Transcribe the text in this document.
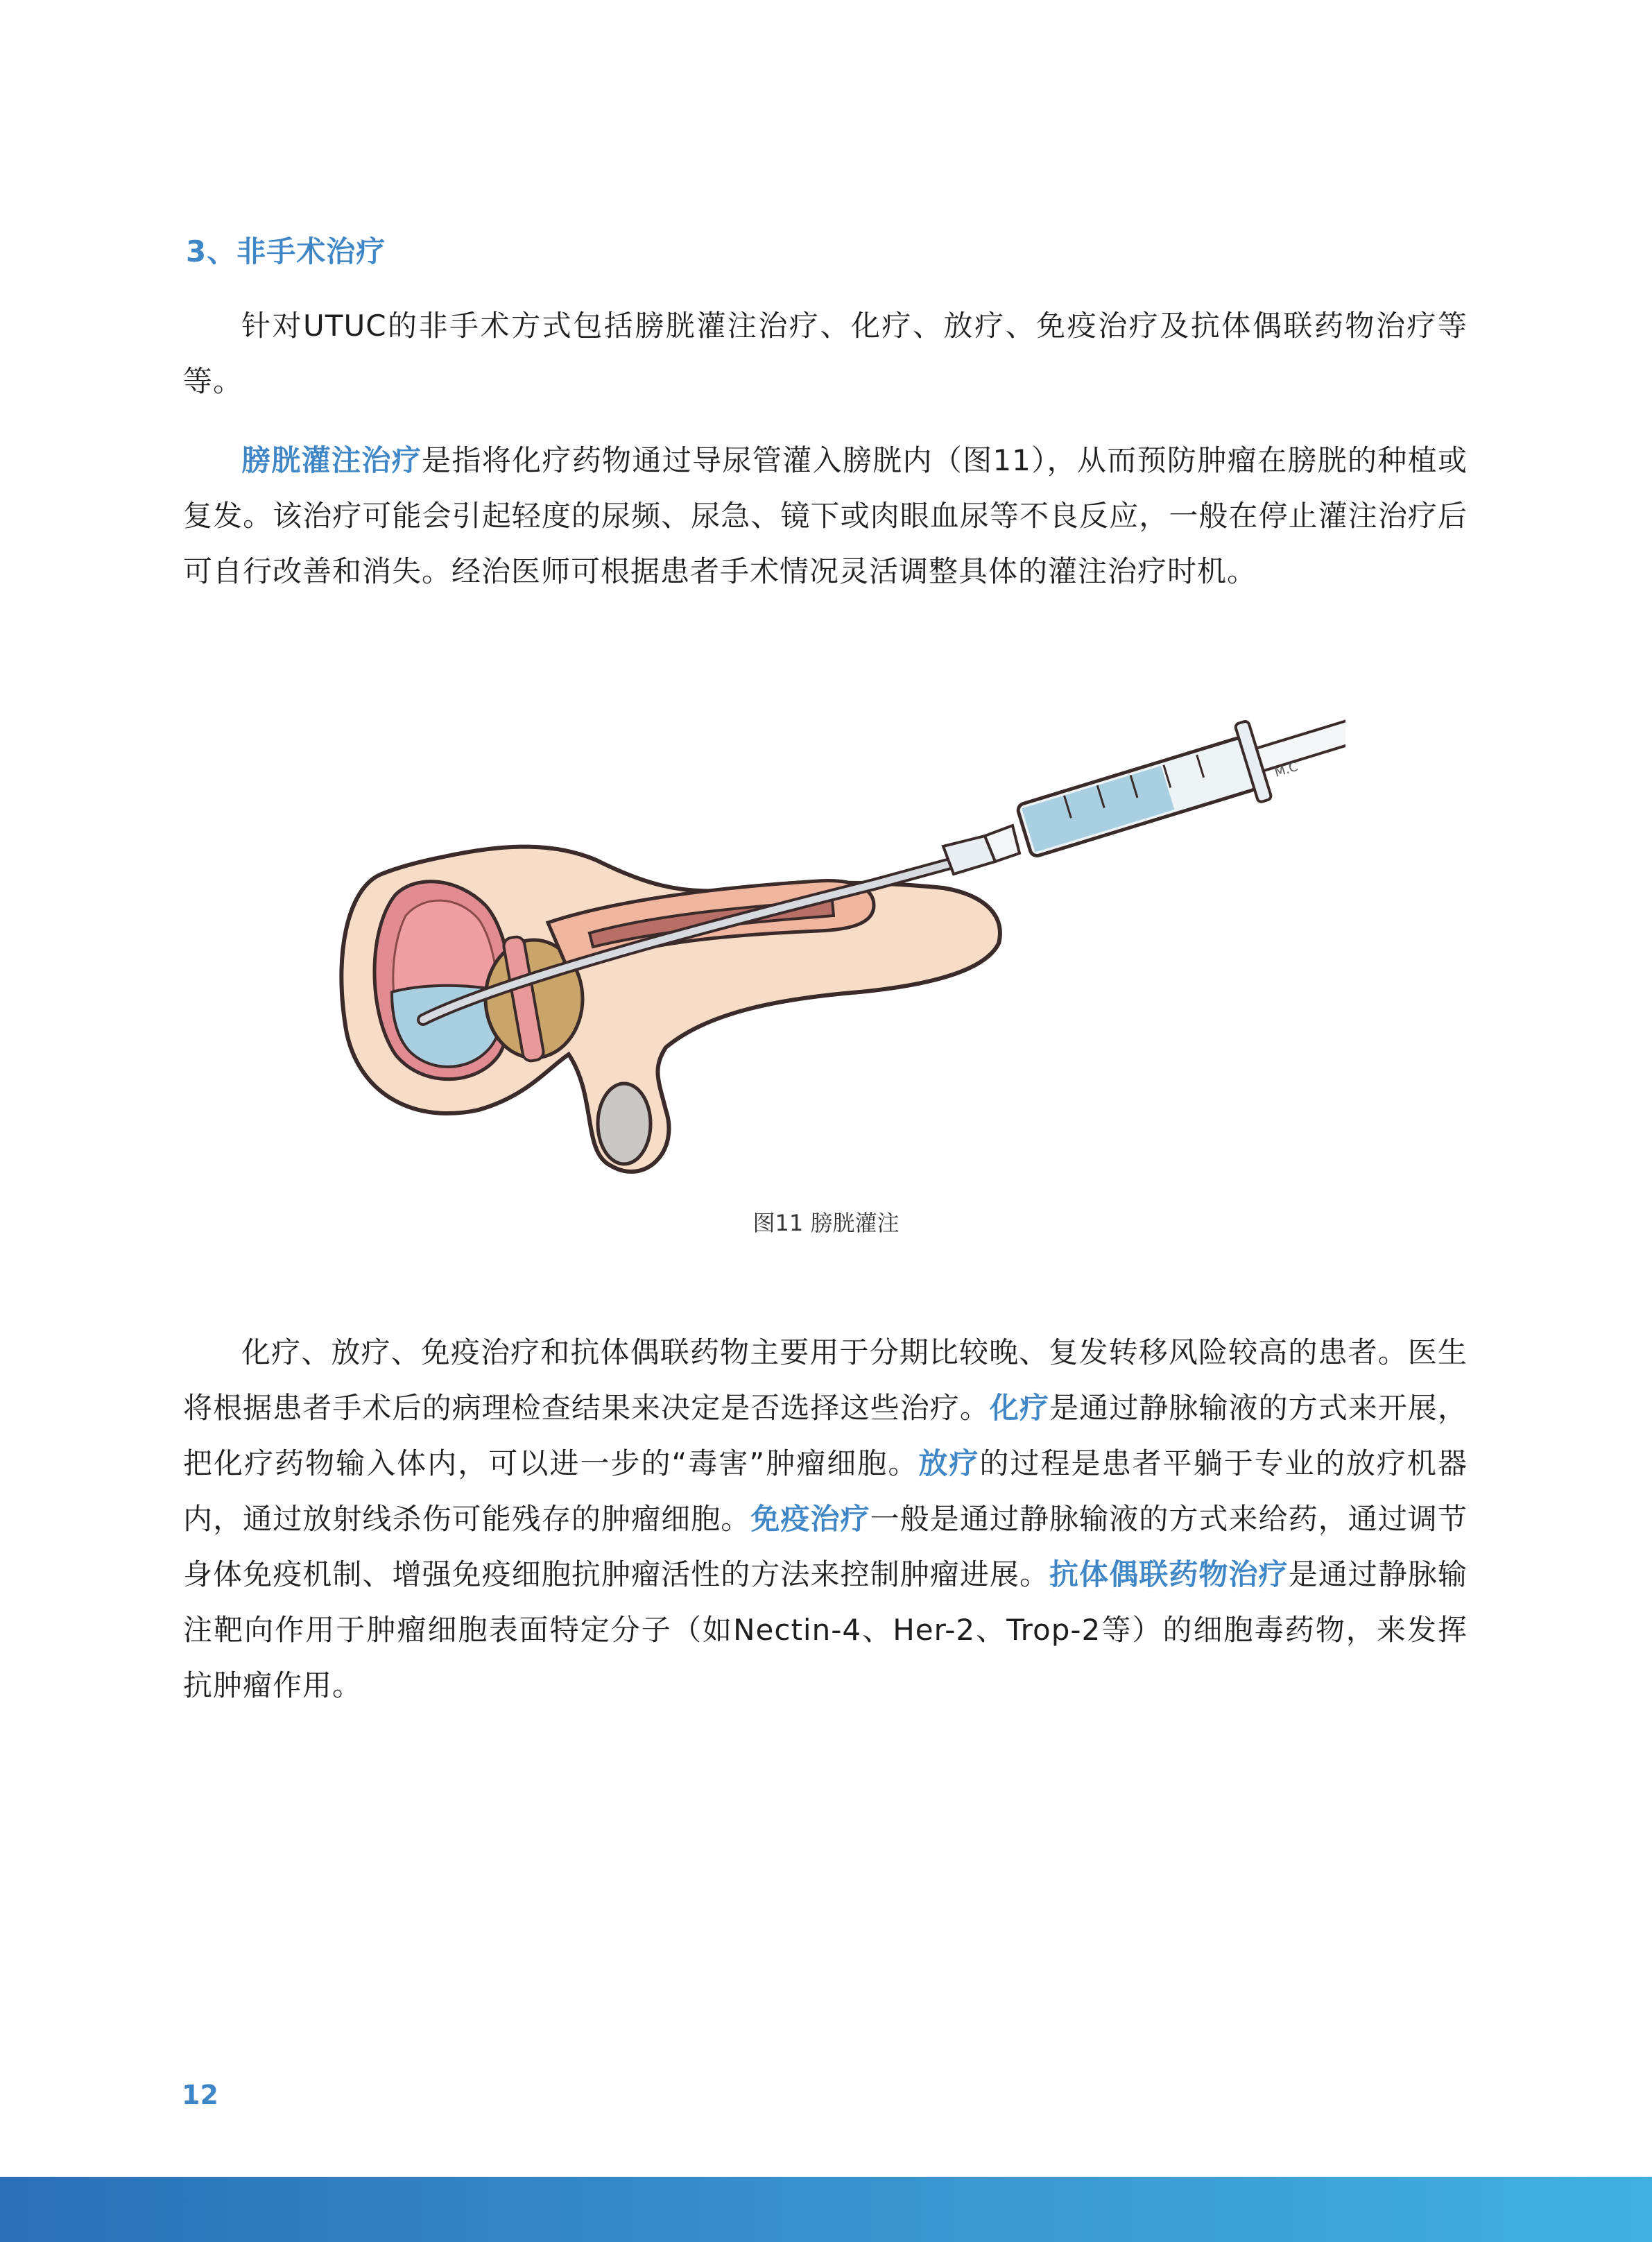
3、非手术治疗

针对UTUC的非手术方式包括膀胱灌注治疗、化疗、放疗、免疫治疗及抗体偶联药物治疗等等。

膀胱灌注治疗是指将化疗药物通过导尿管灌入膀胱内（图11），从而预防肿瘤在膀胱的种植或复发。该治疗可能会引起轻度的尿频、尿急、镜下或肉眼血尿等不良反应，一般在停止灌注治疗后可自行改善和消失。经治医师可根据患者手术情况灵活调整具体的灌注治疗时机。

M.C
图11 膀胱灌注

化疗、放疗、免疫治疗和抗体偶联药物主要用于分期比较晚、复发转移风险较高的患者。医生将根据患者手术后的病理检查结果来决定是否选择这些治疗。化疗是通过静脉输液的方式来开展，把化疗药物输入体内，可以进一步的“毒害”肿瘤细胞。放疗的过程是患者平躺于专业的放疗机器内，通过放射线杀伤可能残存的肿瘤细胞。免疫治疗一般是通过静脉输液的方式来给药，通过调节身体免疫机制、增强免疫细胞抗肿瘤活性的方法来控制肿瘤进展。抗体偶联药物治疗是通过静脉输注靶向作用于肿瘤细胞表面特定分子（如Nectin-4、Her-2、Trop-2等）的细胞毒药物，来发挥抗肿瘤作用。

12
